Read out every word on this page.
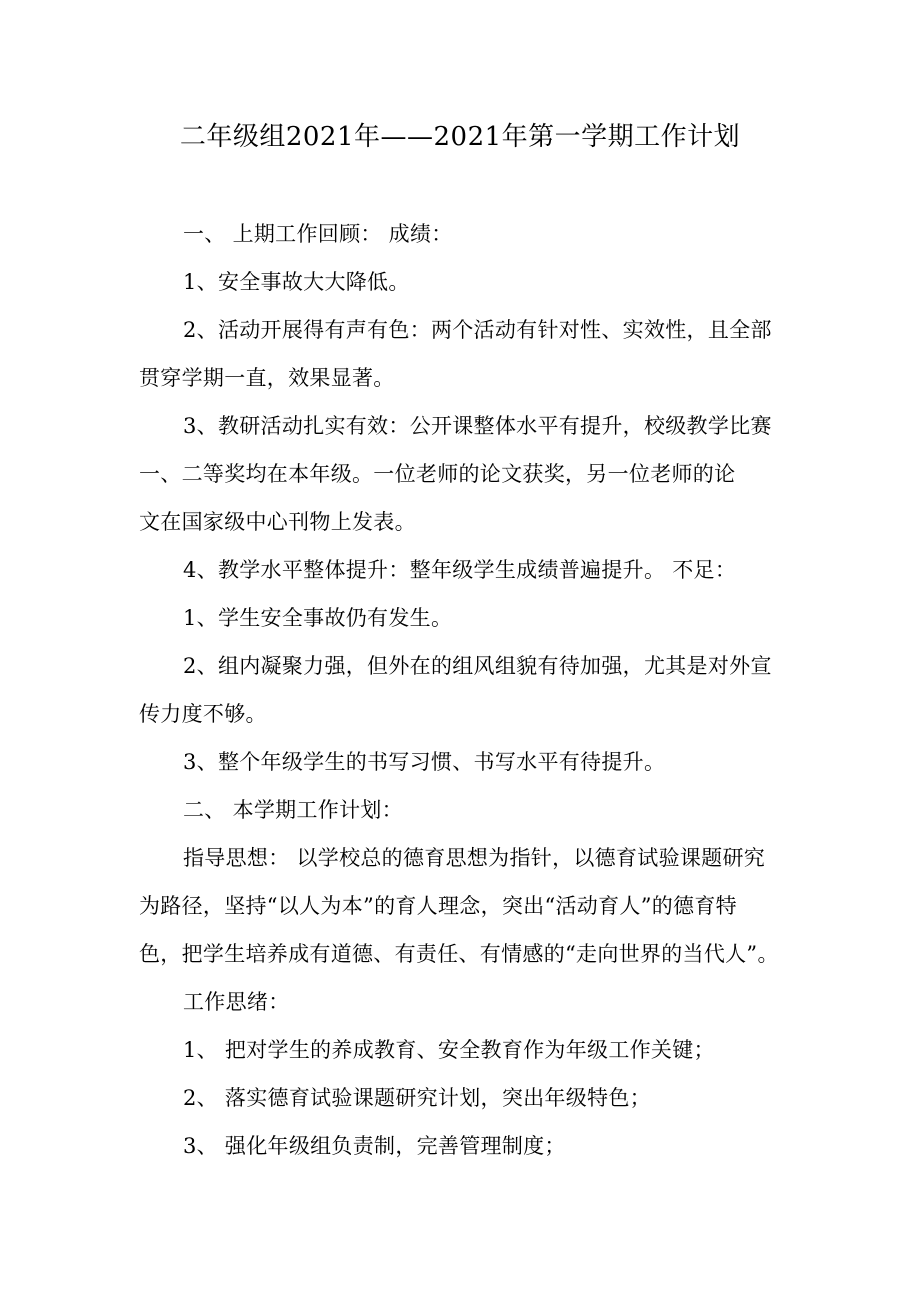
二年级组2021年——2021年第一学期工作计划
一、 上期工作回顾： 成绩：
1、安全事故大大降低。
2、活动开展得有声有色：两个活动有针对性、实效性，且全部
贯穿学期一直，效果显著。
3、教研活动扎实有效：公开课整体水平有提升，校级教学比赛
一、二等奖均在本年级。一位老师的论文获奖，另一位老师的论
文在国家级中心刊物上发表。
4、教学水平整体提升：整年级学生成绩普遍提升。 不足：
1、学生安全事故仍有发生。
2、组内凝聚力强，但外在的组风组貌有待加强，尤其是对外宣
传力度不够。
3、整个年级学生的书写习惯、书写水平有待提升。
二、 本学期工作计划：
指导思想： 以学校总的德育思想为指针，以德育试验课题研究
为路径，坚持“以人为本”的育人理念，突出“活动育人”的德育特
色，把学生培养成有道德、有责任、有情感的“走向世界的当代人”。
工作思绪：
1、 把对学生的养成教育、安全教育作为年级工作关键；
2、 落实德育试验课题研究计划，突出年级特色；
3、 强化年级组负责制，完善管理制度；
